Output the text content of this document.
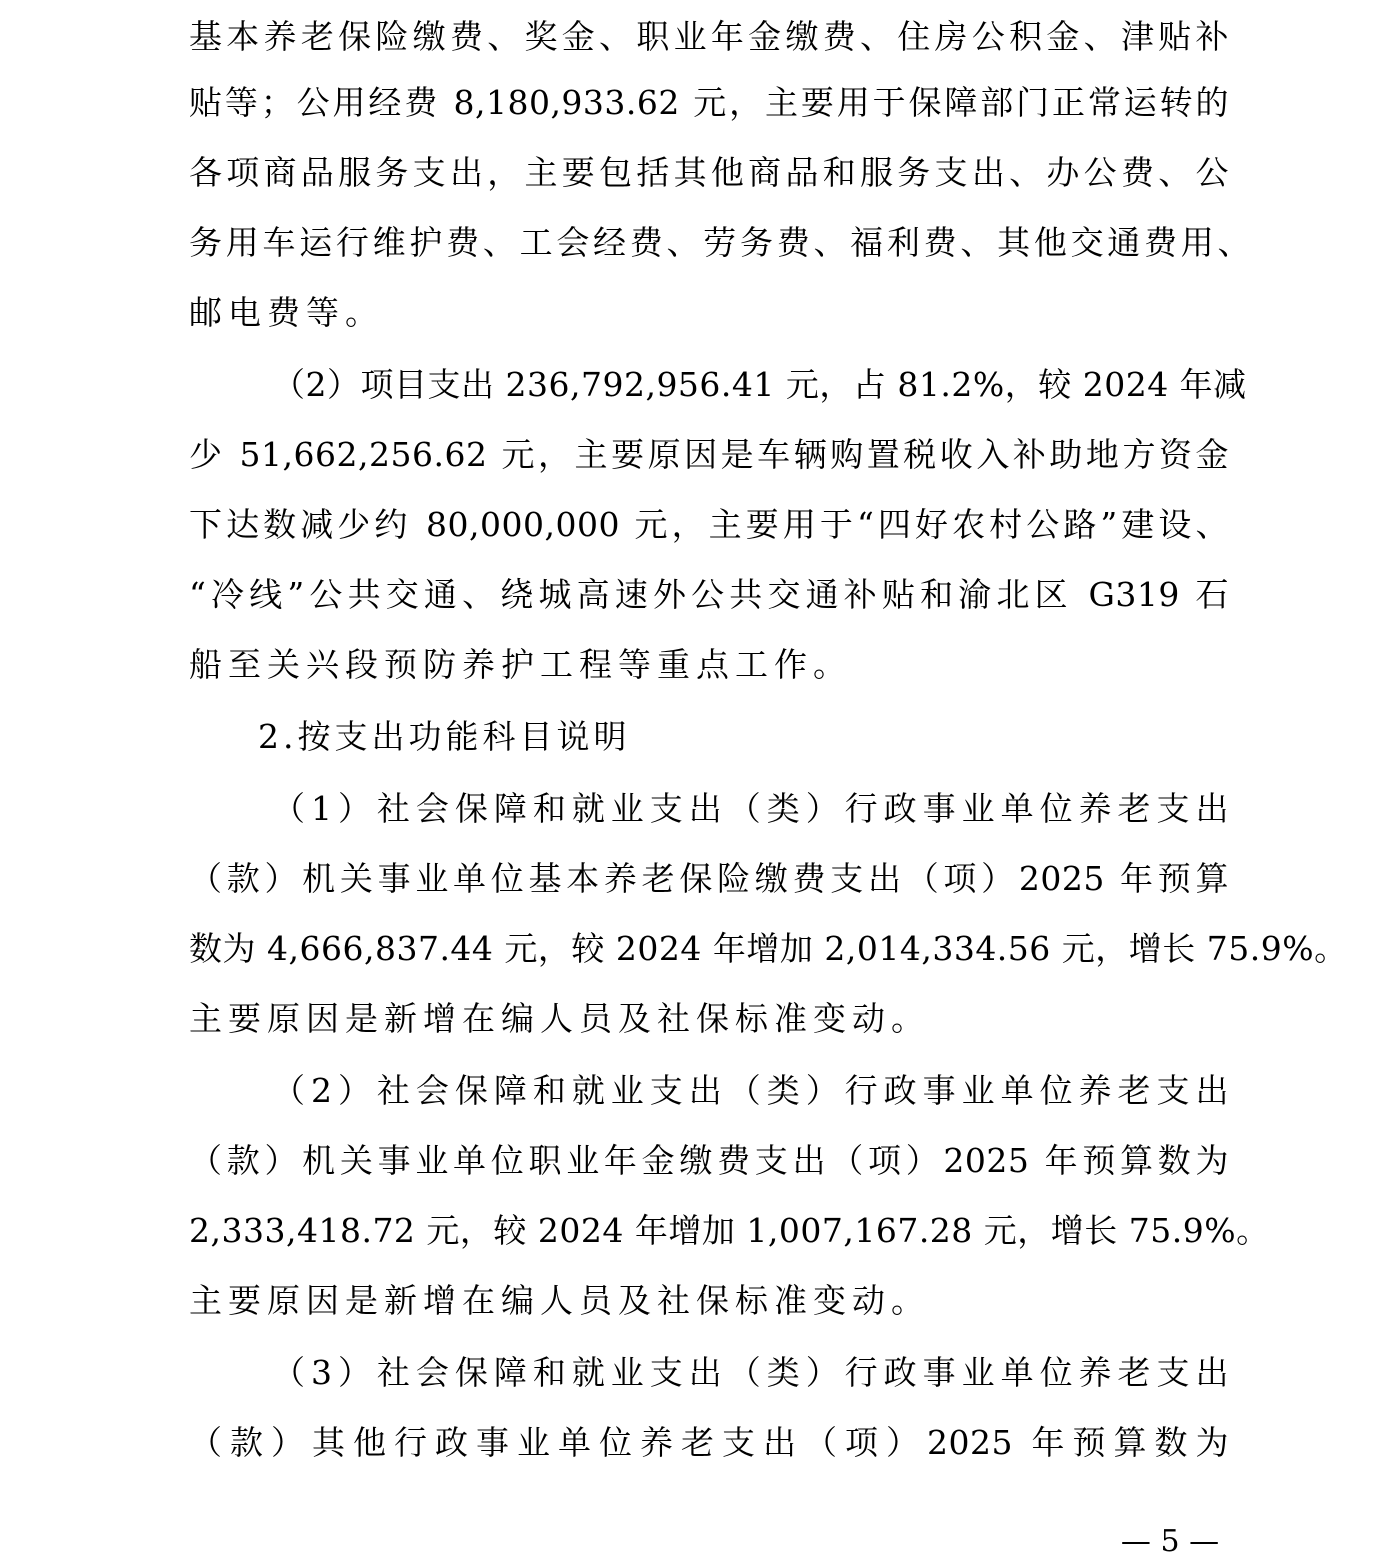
基本养老保险缴费、奖金、职业年金缴费、住房公积金、津贴补
贴等；公用经费 8,180,933.62 元，主要用于保障部门正常运转的
各项商品服务支出，主要包括其他商品和服务支出、办公费、公
务用车运行维护费、工会经费、劳务费、福利费、其他交通费用、
邮电费等。
（2）项目支出 236,792,956.41 元，占 81.2%，较 2024 年减
少 51,662,256.62 元，主要原因是车辆购置税收入补助地方资金
下达数减少约 80,000,000 元，主要用于“四好农村公路”建设、
“冷线”公共交通、绕城高速外公共交通补贴和渝北区 G319 石
船至关兴段预防养护工程等重点工作。
2.按支出功能科目说明
（1）社会保障和就业支出（类）行政事业单位养老支出
（款）机关事业单位基本养老保险缴费支出（项）2025 年预算
数为 4,666,837.44 元，较 2024 年增加 2,014,334.56 元，增长 75.9%。
主要原因是新增在编人员及社保标准变动。
（2）社会保障和就业支出（类）行政事业单位养老支出
（款）机关事业单位职业年金缴费支出（项）2025 年预算数为
2,333,418.72 元，较 2024 年增加 1,007,167.28 元，增长 75.9%。
主要原因是新增在编人员及社保标准变动。
（3）社会保障和就业支出（类）行政事业单位养老支出
（款）其他行政事业单位养老支出（项）2025 年预算数为
— 5 —
